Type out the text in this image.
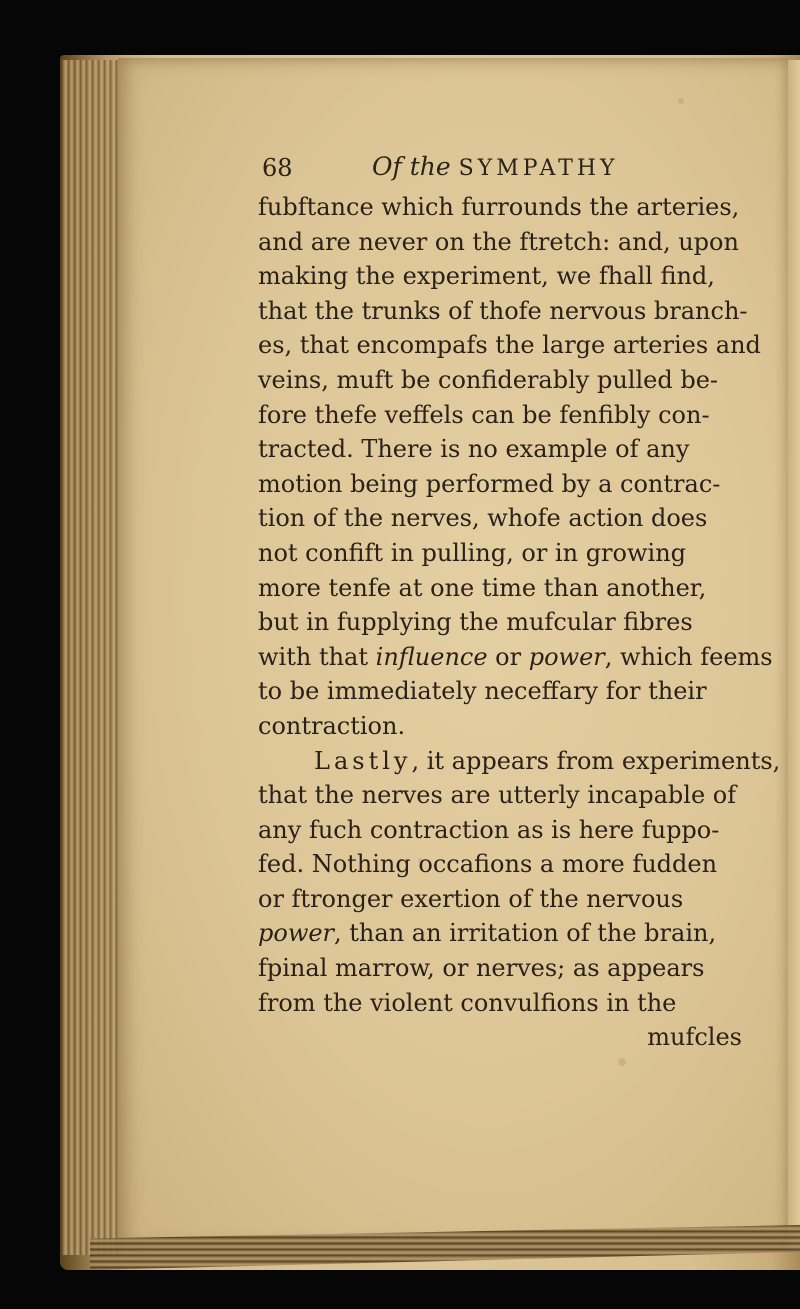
68	Of the SYMPATHY
fubftance which furrounds the arteries,
and are never on the ftretch: and, upon
making the experiment, we fhall find,
that the trunks of thofe nervous branch-
es, that encompafs the large arteries and
veins, muft be confiderably pulled be-
fore thefe veffels can be fenfibly con-
tracted. There is no example of any
motion being performed by a contrac-
tion of the nerves, whofe action does
not confift in pulling, or in growing
more tenfe at one time than another,
but in fupplying the mufcular fibres
with that influence or power, which feems
to be immediately neceffary for their
contraction.
Lastly, it appears from experiments,
that the nerves are utterly incapable of
any fuch contraction as is here fuppo-
fed. Nothing occafions a more fudden
or ftronger exertion of the nervous
power, than an irritation of the brain,
fpinal marrow, or nerves; as appears
from the violent convulfions in the
mufcles
